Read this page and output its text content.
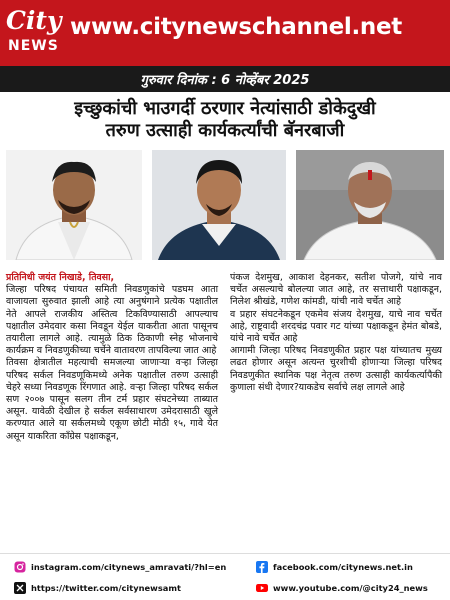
City
NEWS
www.citynewschannel.net
गुरुवार दिनांक : 6 नोव्हेंबर 2025
इच्छुकांची भाउगर्दी ठरणार नेत्यांसाठी डोकेदुखी
तरुण उत्साही कार्यकर्त्यांची बॅनरबाजी

प्रतिनिधी जयंत निखाडे, तिवसा,

जिल्हा परिषद पंचायत समिती निवडणुकांचे पडघम आता वाजायला सुरुवात झाली आहे त्या अनुषंगाने प्रत्येक पक्षातील नेते आपले राजकीय अस्तित्व टिकविण्यासाठी आपल्याच पक्षातील उमेदवार कसा निवडून येईल याकरीता आता पासूनच तयारीला लागले आहे. त्यामुळे ठिक ठिकाणी स्नेह भोजनाचे कार्यक्रम व निवडणुकीच्या चर्चेने वातावरण तापविल्या जात आहे

तिवसा क्षेत्रातील महत्याची समजल्या जाणाऱ्या वऱ्हा जिल्हा परिषद सर्कल निवडणूकिमध्ये अनेक पक्षातील तरुण उत्साही चेहरे सध्या निवडणूक रिंगणात आहे. वऱ्हा जिल्हा परिषद सर्कल सण २००७ पासून सलग तीन टर्म प्रहार संघटनेच्या ताब्यात असून. यावेळी देखील हे सर्कल सर्वसाधारण उमेदरासाठी खुले करण्यात आले या सर्कलमध्ये एकूण छोटी मोठी १५, गावे येत असून याकरिता काँग्रेस पक्षाकडून,

पंकज देशमुख, आकाश देहनकर, सतीश पोजगे, यांचे नाव चर्चेत असल्याचे बोलल्या जात आहे, तर सत्ताधारी पक्षाकडून, निलेश श्रीखंडे, गणेश कांमडी, यांची नावे चर्चेत आहे

व प्रहार संघटनेकडून एकमेव संजय देशमुख, याचे नाव चर्चेत आहे, राष्ट्रवादी शरदचंद्र पवार गट यांच्या पक्षाकडून हेमंत बोबडे, यांचे नावे चर्चेत आहे

आगामी जिल्हा परिषद निवडणुकीत प्रहार पक्ष यांच्यातच मुख्य लढत होणार असून अत्यन्त चुरशीची होणाऱ्या जिल्हा परिषद निवडणुकीत स्थानिक पक्ष नेतृत्व तरुण उत्साही कार्यकर्त्यापैकी कुणाला संधी देणार?याकडेच सर्वाचे लक्ष लागले आहे

instagram.com/citynews_amravati/?hl=en	facebook.com/citynews.net.in
https://twitter.com/citynewsamt	www.youtube.com/@city24_news
